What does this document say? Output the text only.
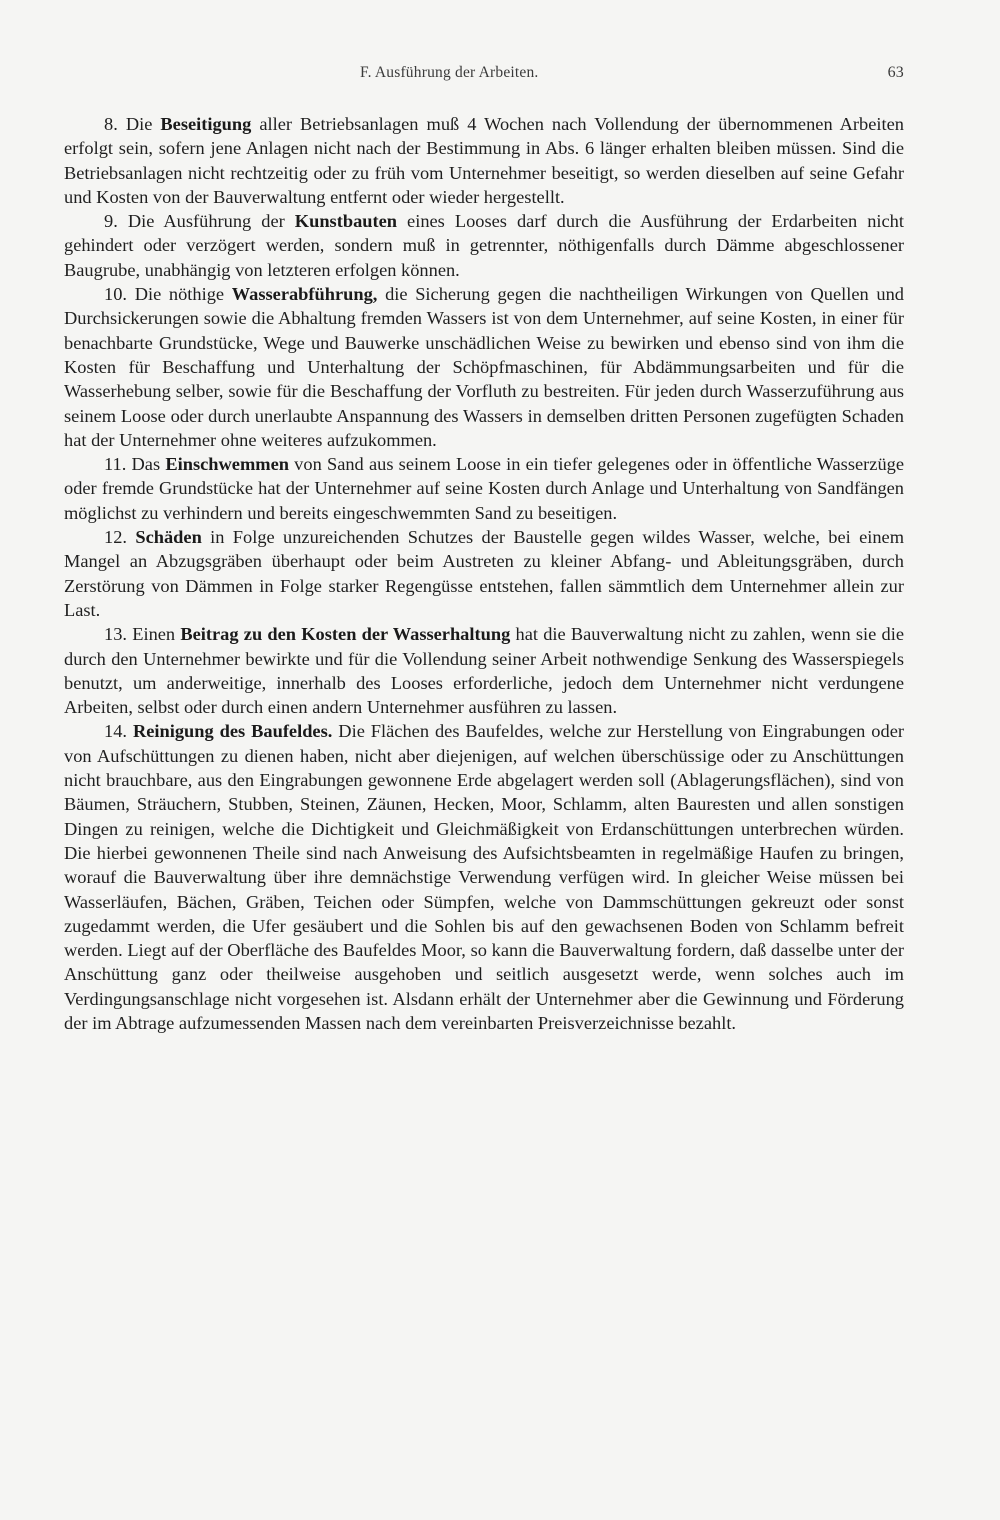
F. Ausführung der Arbeiten.	63

8. Die Beseitigung aller Betriebsanlagen muß 4 Wochen nach Vollendung der übernommenen Arbeiten erfolgt sein, sofern jene Anlagen nicht nach der Bestimmung in Abs. 6 länger erhalten bleiben müssen. Sind die Betriebsanlagen nicht rechtzeitig oder zu früh vom Unternehmer beseitigt, so werden dieselben auf seine Gefahr und Kosten von der Bauverwaltung entfernt oder wieder hergestellt.

9. Die Ausführung der Kunstbauten eines Looses darf durch die Ausführung der Erdarbeiten nicht gehindert oder verzögert werden, sondern muß in getrennter, nöthigenfalls durch Dämme abgeschlossener Baugrube, unabhängig von letzteren erfolgen können.

10. Die nöthige Wasserabführung, die Sicherung gegen die nachtheiligen Wirkungen von Quellen und Durchsickerungen sowie die Abhaltung fremden Wassers ist von dem Unternehmer, auf seine Kosten, in einer für benachbarte Grundstücke, Wege und Bauwerke unschädlichen Weise zu bewirken und ebenso sind von ihm die Kosten für Beschaffung und Unterhaltung der Schöpfmaschinen, für Abdämmungsarbeiten und für die Wasserhebung selber, sowie für die Beschaffung der Vorfluth zu bestreiten. Für jeden durch Wasserzuführung aus seinem Loose oder durch unerlaubte Anspannung des Wassers in demselben dritten Personen zugefügten Schaden hat der Unternehmer ohne weiteres aufzukommen.

11. Das Einschwemmen von Sand aus seinem Loose in ein tiefer gelegenes oder in öffentliche Wasserzüge oder fremde Grundstücke hat der Unternehmer auf seine Kosten durch Anlage und Unterhaltung von Sandfängen möglichst zu verhindern und bereits eingeschwemmten Sand zu beseitigen.

12. Schäden in Folge unzureichenden Schutzes der Baustelle gegen wildes Wasser, welche, bei einem Mangel an Abzugsgräben überhaupt oder beim Austreten zu kleiner Abfang- und Ableitungsgräben, durch Zerstörung von Dämmen in Folge starker Regengüsse entstehen, fallen sämmtlich dem Unternehmer allein zur Last.

13. Einen Beitrag zu den Kosten der Wasserhaltung hat die Bauverwaltung nicht zu zahlen, wenn sie die durch den Unternehmer bewirkte und für die Vollendung seiner Arbeit nothwendige Senkung des Wasserspiegels benutzt, um anderweitige, innerhalb des Looses erforderliche, jedoch dem Unternehmer nicht verdungene Arbeiten, selbst oder durch einen andern Unternehmer ausführen zu lassen.

14. Reinigung des Baufeldes. Die Flächen des Baufeldes, welche zur Herstellung von Eingrabungen oder von Aufschüttungen zu dienen haben, nicht aber diejenigen, auf welchen überschüssige oder zu Anschüttungen nicht brauchbare, aus den Eingrabungen gewonnene Erde abgelagert werden soll (Ablagerungsflächen), sind von Bäumen, Sträuchern, Stubben, Steinen, Zäunen, Hecken, Moor, Schlamm, alten Bauresten und allen sonstigen Dingen zu reinigen, welche die Dichtigkeit und Gleichmäßigkeit von Erdanschüttungen unterbrechen würden. Die hierbei gewonnenen Theile sind nach Anweisung des Aufsichtsbeamten in regelmäßige Haufen zu bringen, worauf die Bauverwaltung über ihre demnächstige Verwendung verfügen wird. In gleicher Weise müssen bei Wasserläufen, Bächen, Gräben, Teichen oder Sümpfen, welche von Dammschüttungen gekreuzt oder sonst zugedammt werden, die Ufer gesäubert und die Sohlen bis auf den gewachsenen Boden von Schlamm befreit werden. Liegt auf der Oberfläche des Baufeldes Moor, so kann die Bauverwaltung fordern, daß dasselbe unter der Anschüttung ganz oder theilweise ausgehoben und seitlich ausgesetzt werde, wenn solches auch im Verdingungsanschlage nicht vorgesehen ist. Alsdann erhält der Unternehmer aber die Gewinnung und Förderung der im Abtrage aufzumessenden Massen nach dem vereinbarten Preisverzeichnisse bezahlt.
